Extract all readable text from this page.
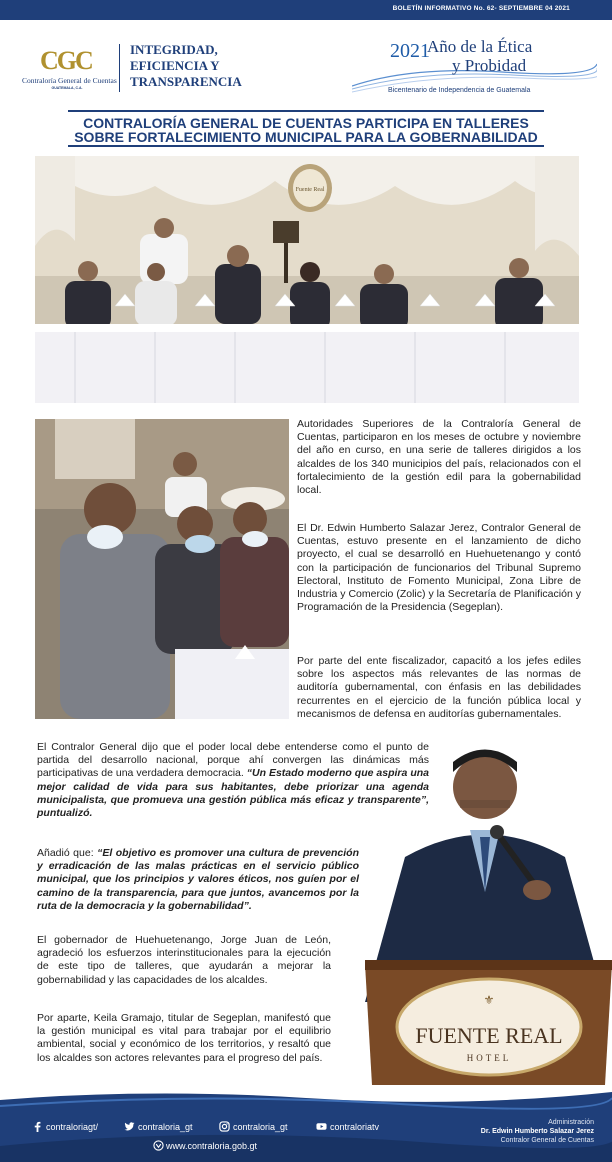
BOLETÍN INFORMATIVO No. 62- SEPTIEMBRE 04 2021
CGC
Contraloría General de Cuentas
GUATEMALA, C.A.
INTEGRIDAD,
EFICIENCIA Y
TRANSPARENCIA
2021
Año de la Ética
y Probidad
Bicentenario de Independencia de Guatemala
CONTRALORÍA GENERAL DE CUENTAS PARTICIPA EN TALLERES
SOBRE FORTALECIMIENTO MUNICIPAL PARA LA GOBERNABILIDAD
Fuente Real
⚜
FUENTE REAL
HOTEL

Autoridades Superiores de la Contraloría General de Cuentas, participaron en los meses de octubre y noviembre del año en curso, en una serie de talleres dirigidos a los alcaldes de los 340 municipios del país, relacionados con el fortalecimiento de la gestión edil para la gobernabilidad local.

El Dr. Edwin Humberto Salazar Jerez, Contralor General de Cuentas, estuvo presente en el lanzamiento de dicho proyecto, el cual se desarrolló en Huehuetenango y contó con la participación de funcionarios del Tribunal Supremo Electoral, Instituto de Fomento Municipal, Zona Libre de Industria y Comercio (Zolic) y la Secretaría de Planificación y Programación de la Presidencia (Segeplan).

Por parte del ente fiscalizador, capacitó a los jefes ediles sobre los aspectos más relevantes de las normas de auditoría gubernamental, con énfasis en las debilidades recurrentes en el ejercicio de la función pública local y mecanismos de defensa en auditorías gubernamentales.

El Contralor General dijo que el poder local debe entenderse como el punto de partida del desarrollo nacional, porque ahí convergen las dinámicas más participativas de una verdadera democracia. “Un Estado moderno que aspira una mejor calidad de vida para sus habitantes, debe priorizar una agenda municipalista, que promueva una gestión pública más eficaz y transparente”, puntualizó.

Añadió que: “El objetivo es promover una cultura de prevención y erradicación de las malas prácticas en el servicio público municipal, que los principios y valores éticos, nos guíen por el camino de la transparencia, para que juntos, avancemos por la ruta de la democracia y la gobernabilidad”.

El gobernador de Huehuetenango, Jorge Juan de León, agradeció los esfuerzos interinstitucionales para la ejecución de este tipo de talleres, que ayudarán a mejorar la gobernabilidad y las capacidades de los alcaldes.

Por aparte, Keila Gramajo, titular de Segeplan, manifestó que la gestión municipal es vital para trabajar por el equilibrio ambiental, social y económico de los territorios, y resaltó que los alcaldes son actores relevantes para el progreso del país.

contraloriagt/	contraloria_gt	contraloria_gt	contraloriatv
www.contraloria.gob.gt
Administración
Dr. Edwin Humberto Salazar Jerez
Contralor General de Cuentas
